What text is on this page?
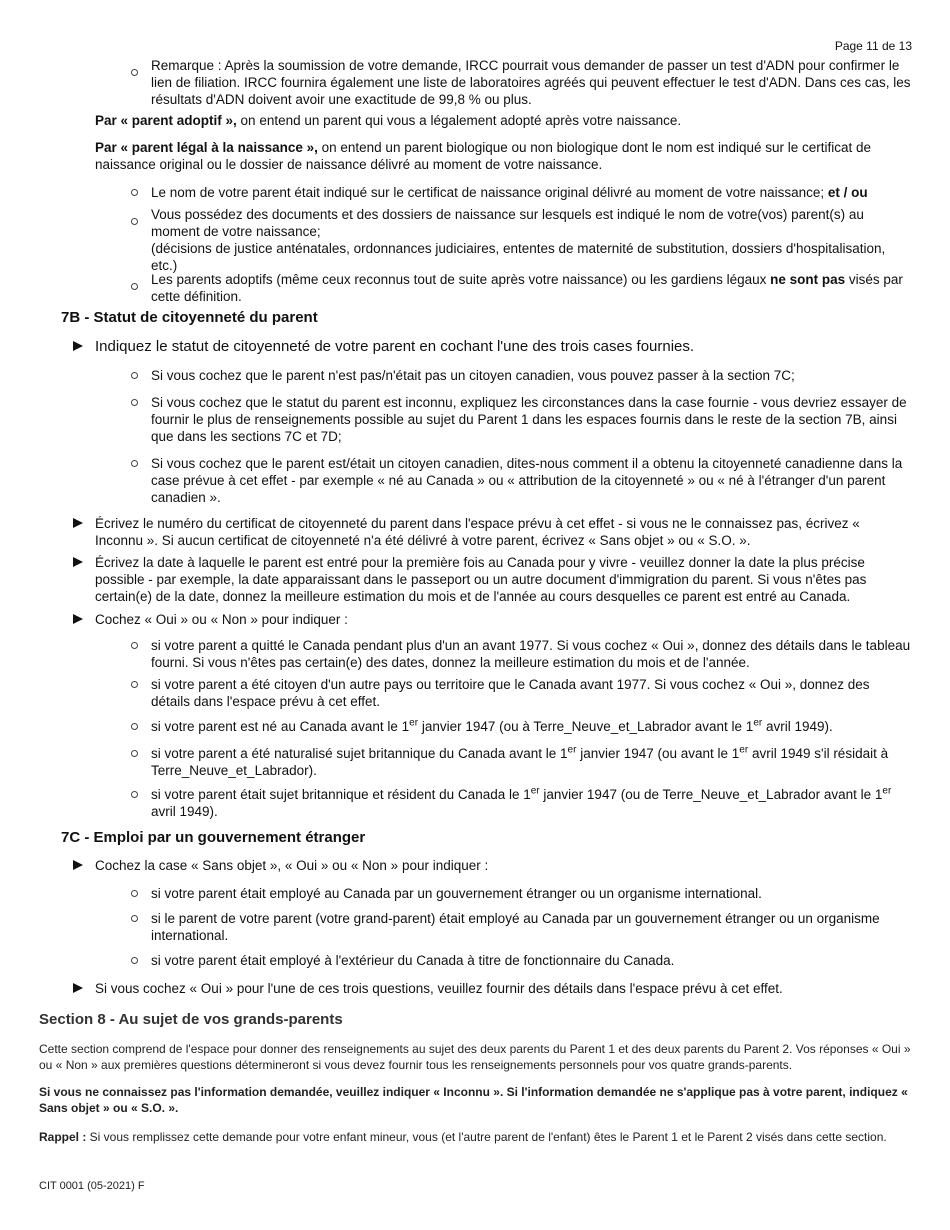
Page 11 de 13
Remarque : Après la soumission de votre demande, IRCC pourrait vous demander de passer un test d'ADN pour confirmer le lien de filiation. IRCC fournira également une liste de laboratoires agréés qui peuvent effectuer le test d'ADN. Dans ces cas, les résultats d'ADN doivent avoir une exactitude de 99,8 % ou plus.
Par « parent adoptif », on entend un parent qui vous a légalement adopté après votre naissance.
Par « parent légal à la naissance », on entend un parent biologique ou non biologique dont le nom est indiqué sur le certificat de naissance original ou le dossier de naissance délivré au moment de votre naissance.
Le nom de votre parent était indiqué sur le certificat de naissance original délivré au moment de votre naissance; et / ou
Vous possédez des documents et des dossiers de naissance sur lesquels est indiqué le nom de votre(vos) parent(s) au moment de votre naissance;
(décisions de justice anténatales, ordonnances judiciaires, ententes de maternité de substitution, dossiers d'hospitalisation, etc.)
Les parents adoptifs (même ceux reconnus tout de suite après votre naissance) ou les gardiens légaux ne sont pas visés par cette définition.
7B - Statut de citoyenneté du parent
Indiquez le statut de citoyenneté de votre parent en cochant l'une des trois cases fournies.
Si vous cochez que le parent n'est pas/n'était pas un citoyen canadien, vous pouvez passer à la section 7C;
Si vous cochez que le statut du parent est inconnu, expliquez les circonstances dans la case fournie - vous devriez essayer de fournir le plus de renseignements possible au sujet du Parent 1 dans les espaces fournis dans le reste de la section 7B, ainsi que dans les sections 7C et 7D;
Si vous cochez que le parent est/était un citoyen canadien, dites-nous comment il a obtenu la citoyenneté canadienne dans la case prévue à cet effet - par exemple « né au Canada » ou « attribution de la citoyenneté » ou « né à l'étranger d'un parent canadien ».
Écrivez le numéro du certificat de citoyenneté du parent dans l'espace prévu à cet effet - si vous ne le connaissez pas, écrivez « Inconnu ». Si aucun certificat de citoyenneté n'a été délivré à votre parent, écrivez « Sans objet » ou « S.O. ».
Écrivez la date à laquelle le parent est entré pour la première fois au Canada pour y vivre - veuillez donner la date la plus précise possible - par exemple, la date apparaissant dans le passeport ou un autre document d'immigration du parent. Si vous n'êtes pas certain(e) de la date, donnez la meilleure estimation du mois et de l'année au cours desquelles ce parent est entré au Canada.
Cochez « Oui » ou « Non » pour indiquer :
si votre parent a quitté le Canada pendant plus d'un an avant 1977. Si vous cochez « Oui », donnez des détails dans le tableau fourni. Si vous n'êtes pas certain(e) des dates, donnez la meilleure estimation du mois et de l'année.
si votre parent a été citoyen d'un autre pays ou territoire que le Canada avant 1977. Si vous cochez « Oui », donnez des détails dans l'espace prévu à cet effet.
si votre parent est né au Canada avant le 1er janvier 1947 (ou à Terre_Neuve_et_Labrador avant le 1er avril 1949).
si votre parent a été naturalisé sujet britannique du Canada avant le 1er janvier 1947 (ou avant le 1er avril 1949 s'il résidait à Terre_Neuve_et_Labrador).
si votre parent était sujet britannique et résident du Canada le 1er janvier 1947 (ou de Terre_Neuve_et_Labrador avant le 1er avril 1949).
7C - Emploi par un gouvernement étranger
Cochez la case « Sans objet », « Oui » ou « Non » pour indiquer :
si votre parent était employé au Canada par un gouvernement étranger ou un organisme international.
si le parent de votre parent (votre grand-parent) était employé au Canada par un gouvernement étranger ou un organisme international.
si votre parent était employé à l'extérieur du Canada à titre de fonctionnaire du Canada.
Si vous cochez « Oui » pour l'une de ces trois questions, veuillez fournir des détails dans l'espace prévu à cet effet.
Section 8 - Au sujet de vos grands-parents
Cette section comprend de l'espace pour donner des renseignements au sujet des deux parents du Parent 1 et des deux parents du Parent 2. Vos réponses « Oui » ou « Non » aux premières questions détermineront si vous devez fournir tous les renseignements personnels pour vos quatre grands-parents.
Si vous ne connaissez pas l'information demandée, veuillez indiquer « Inconnu ». Si l'information demandée ne s'applique pas à votre parent, indiquez « Sans objet » ou « S.O. ».
Rappel : Si vous remplissez cette demande pour votre enfant mineur, vous (et l'autre parent de l'enfant) êtes le Parent 1 et le Parent 2 visés dans cette section.
CIT 0001 (05-2021) F
